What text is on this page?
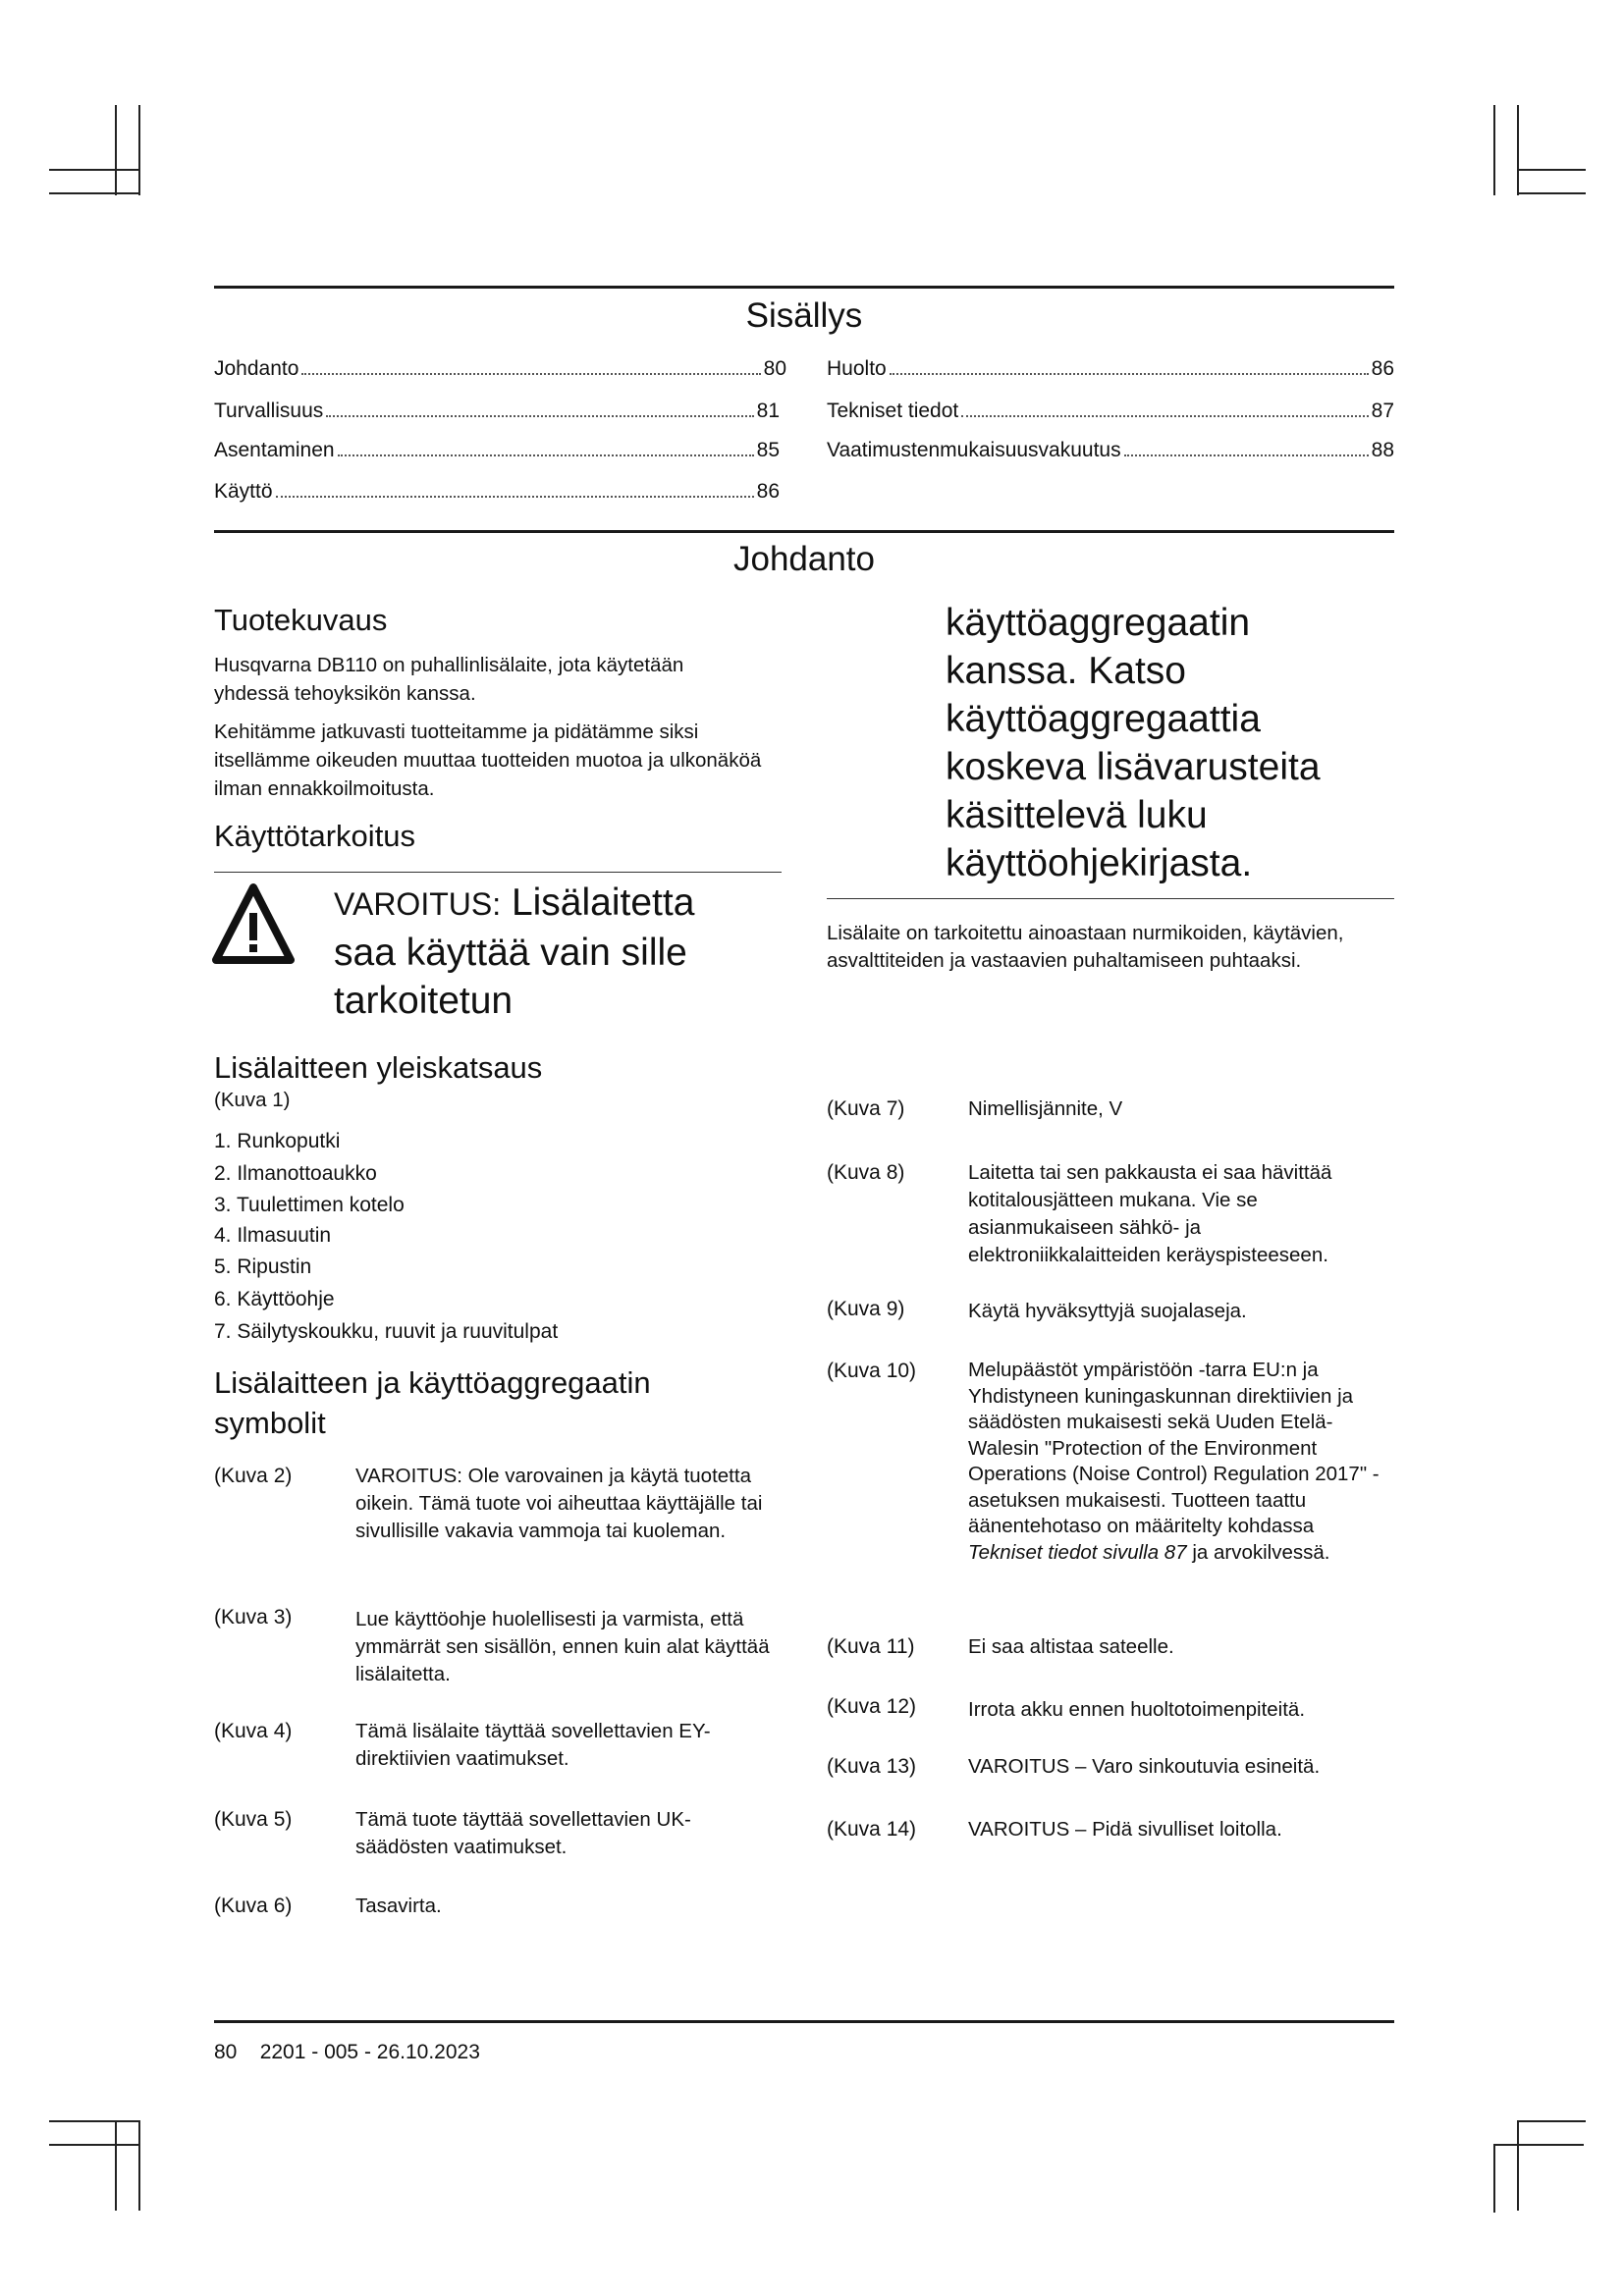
Sisällys
Johdanto	80
Turvallisuus	81
Asentaminen	85
Käyttö	86
Huolto	86
Tekniset tiedot	87
Vaatimustenmukaisuusvakuutus	88
Johdanto
Tuotekuvaus
Husqvarna DB110 on puhallinlisälaite, jota käytetään yhdessä tehoyksikön kanssa.
Kehitämme jatkuvasti tuotteitamme ja pidätämme siksi itsellämme oikeuden muuttaa tuotteiden muotoa ja ulkonäköä ilman ennakkoilmoitusta.
Käyttötarkoitus
VAROITUS: Lisälaitetta saa käyttää vain sille tarkoitetun
käyttöaggregaatin kanssa. Katso käyttöaggregaattia koskeva lisävarusteita käsittelevä luku käyttöohjekirjasta.
Lisälaite on tarkoitettu ainoastaan nurmikoiden, käytävien, asvalttiteiden ja vastaavien puhaltamiseen puhtaaksi.
Lisälaitteen yleiskatsaus
(Kuva 1)
1. Runkoputki
2. Ilmanottoaukko
3. Tuulettimen kotelo
4. Ilmasuutin
5. Ripustin
6. Käyttöohje
7. Säilytyskoukku, ruuvit ja ruuvitulpat
Lisälaitteen ja käyttöaggregaatin symbolit
(Kuva 2)	VAROITUS: Ole varovainen ja käytä tuotetta oikein. Tämä tuote voi aiheuttaa käyttäjälle tai sivullisille vakavia vammoja tai kuoleman.
(Kuva 3)	Lue käyttöohje huolellisesti ja varmista, että ymmärrät sen sisällön, ennen kuin alat käyttää lisälaitetta.
(Kuva 4)	Tämä lisälaite täyttää sovellettavien EY-direktiivien vaatimukset.
(Kuva 5)	Tämä tuote täyttää sovellettavien UK-säädösten vaatimukset.
(Kuva 6)	Tasavirta.
(Kuva 7)	Nimellisjännite, V
(Kuva 8)	Laitetta tai sen pakkausta ei saa hävittää kotitalousjätteen mukana. Vie se asianmukaiseen sähkö- ja elektroniikkalaitteiden keräyspisteeseen.
(Kuva 9)	Käytä hyväksyttyjä suojalaseja.
(Kuva 10)	Melupäästöt ympäristöön -tarra EU:n ja Yhdistyneen kuningaskunnan direktiivien ja säädösten mukaisesti sekä Uuden Etelä-Walesin "Protection of the Environment Operations (Noise Control) Regulation 2017" -asetuksen mukaisesti. Tuotteen taattu äänentehotaso on määritelty kohdassa Tekniset tiedot sivulla 87 ja arvokilvessä.
(Kuva 11)	Ei saa altistaa sateelle.
(Kuva 12)	Irrota akku ennen huoltotoimenpiteitä.
(Kuva 13)	VAROITUS – Varo sinkoutuvia esineitä.
(Kuva 14)	VAROITUS – Pidä sivulliset loitolla.
80    2201 - 005 - 26.10.2023
